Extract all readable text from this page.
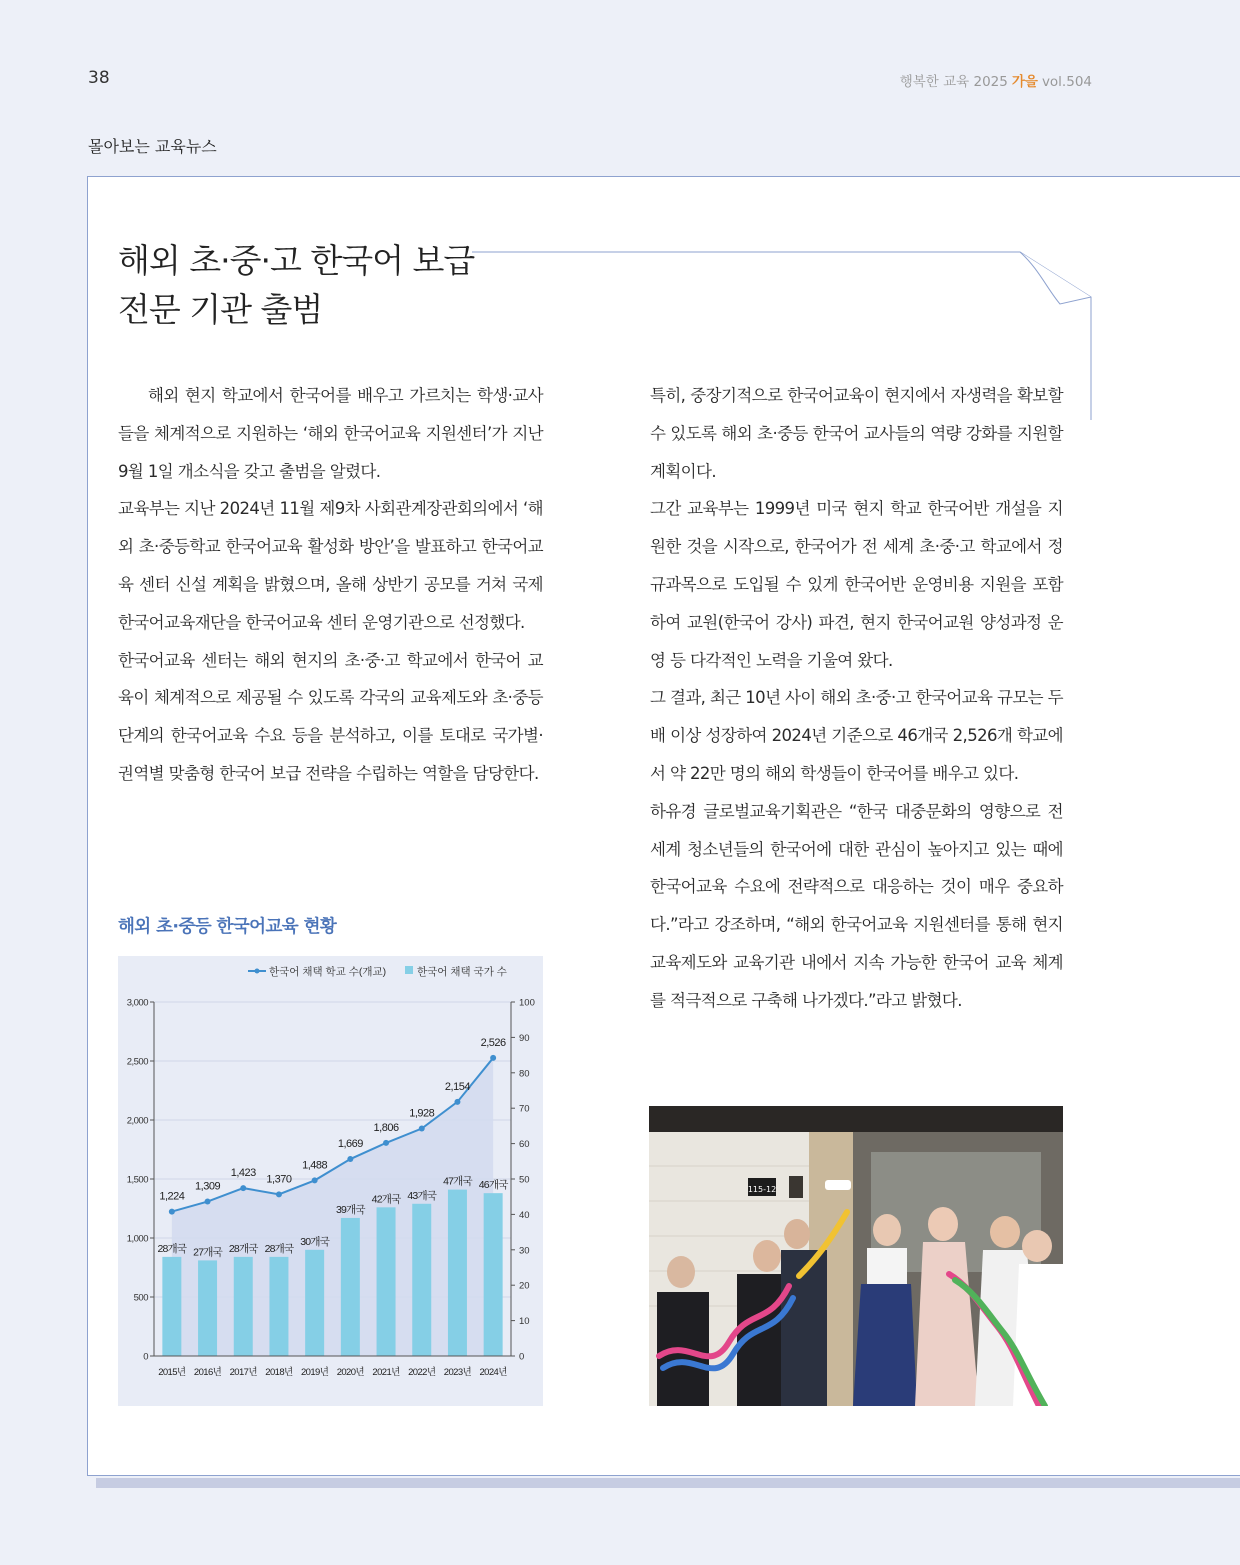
38	행복한 교육 2025 가을 vol.504
몰아보는 교육뉴스
해외 초·중·고 한국어 보급
전문 기관 출범

해외 현지 학교에서 한국어를 배우고 가르치는 학생·교사들을 체계적으로 지원하는 ‘해외 한국어교육 지원센터’가 지난 9월 1일 개소식을 갖고 출범을 알렸다.

교육부는 지난 2024년 11월 제9차 사회관계장관회의에서 ‘해외 초·중등학교 한국어교육 활성화 방안’을 발표하고 한국어교육 센터 신설 계획을 밝혔으며, 올해 상반기 공모를 거쳐 국제한국어교육재단을 한국어교육 센터 운영기관으로 선정했다.

한국어교육 센터는 해외 현지의 초·중·고 학교에서 한국어 교육이 체계적으로 제공될 수 있도록 각국의 교육제도와 초·중등 단계의 한국어교육 수요 등을 분석하고, 이를 토대로 국가별·권역별 맞춤형 한국어 보급 전략을 수립하는 역할을 담당한다.

특히, 중장기적으로 한국어교육이 현지에서 자생력을 확보할 수 있도록 해외 초·중등 한국어 교사들의 역량 강화를 지원할 계획이다.

그간 교육부는 1999년 미국 현지 학교 한국어반 개설을 지원한 것을 시작으로, 한국어가 전 세계 초·중·고 학교에서 정규과목으로 도입될 수 있게 한국어반 운영비용 지원을 포함하여 교원(한국어 강사) 파견, 현지 한국어교원 양성과정 운영 등 다각적인 노력을 기울여 왔다.

그 결과, 최근 10년 사이 해외 초·중·고 한국어교육 규모는 두 배 이상 성장하여 2024년 기준으로 46개국 2,526개 학교에서 약 22만 명의 해외 학생들이 한국어를 배우고 있다.

하유경 글로벌교육기획관은 “한국 대중문화의 영향으로 전 세계 청소년들의 한국어에 대한 관심이 높아지고 있는 때에 한국어교육 수요에 전략적으로 대응하는 것이 매우 중요하다.”라고 강조하며, “해외 한국어교육 지원센터를 통해 현지 교육제도와 교육기관 내에서 지속 가능한 한국어 교육 체계를 적극적으로 구축해 나가겠다.”라고 밝혔다.

해외 초·중등 한국어교육 현황
한국어 채택 학교 수(개교)	한국어 채택 국가 수
0
500
1,000
1,500
2,000
2,500
3,000
0
10
20
30
40
50
60
70
80
90
100
28개국 27개국 28개국 28개국
30개국
39개국
42개국 43개국
47개국 46개국
1,224
1,309
1,423
1,370
1,488
1,669
1,806
1,928
2,154
2,526
2015년 2016년 2017년 2018년 2019년 2020년 2021년 2022년 2023년 2024년
115-12
